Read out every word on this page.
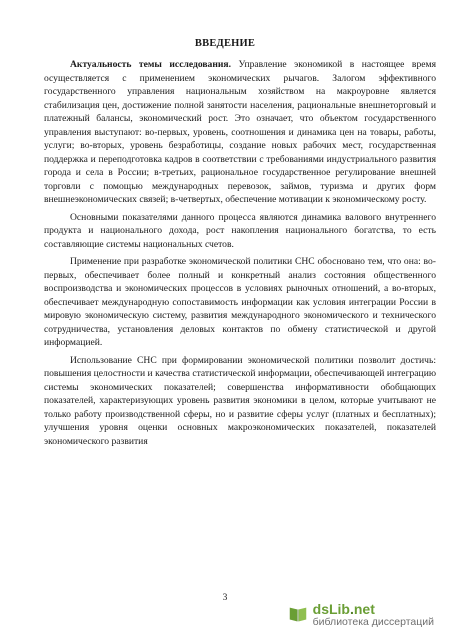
ВВЕДЕНИЕ

Актуальность темы исследования. Управление экономикой в настоящее время осуществляется с применением экономических рычагов. Залогом эффективного государственного управления национальным хозяйством на макроуровне является стабилизация цен, достижение полной занятости населения, рациональные внешнеторговый и платежный балансы, экономический рост. Это означает, что объектом государственного управления выступают: во-первых, уровень, соотношения и динамика цен на товары, работы, услуги; во-вторых, уровень безработицы, создание новых рабочих мест, государственная поддержка и переподготовка кадров в соответствии с требованиями индустриального развития города и села в России; в-третьих, рациональное государственное регулирование внешней торговли с помощью международных перевозок, займов, туризма и других форм внешнеэкономических связей; в-четвертых, обеспечение мотивации к экономическому росту.

Основными показателями данного процесса являются динамика валового внутреннего продукта и национального дохода, рост накопления национального богатства, то есть составляющие системы национальных счетов.

Применение при разработке экономической политики СНС обосновано тем, что она: во-первых, обеспечивает более полный и конкретный анализ состояния общественного воспроизводства и экономических процессов в условиях рыночных отношений, а во-вторых, обеспечивает международную сопоставимость информации как условия интеграции России в мировую экономическую систему, развития международного экономического и технического сотрудничества, установления деловых контактов по обмену статистической и другой информацией.

Использование СНС при формировании экономической политики позволит достичь: повышения целостности и качества статистической информации, обеспечивающей интеграцию системы экономических показателей; совершенства информативности обобщающих показателей, характеризующих уровень развития экономики в целом, которые учитывают не только работу производственной сферы, но и развитие сферы услуг (платных и бесплатных); улучшения уровня оценки основных макроэкономических показателей, показателей экономического развития

3
dsLib.net
библиотека диссертаций
